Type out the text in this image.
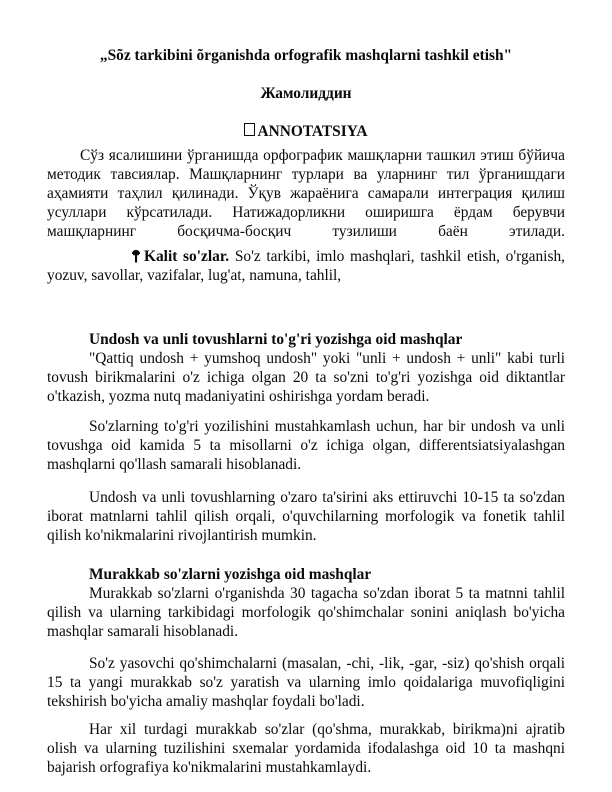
„Sõz tarkibini õrganishda orfografik mashqlarni tashkil etish"

Жамолиддин

ANNOTATSIYA

Сўз ясалишини ўрганишда орфографик машқларни ташкил этиш бўйича методик тавсиялар. Машқларнинг турлари ва уларнинг тил ўрганишдаги аҳамияти таҳлил қилинади. Ўқув жараёнига самарали интеграция қилиш усуллари кўрсатилади. Натижадорликни оширишга ёрдам берувчи машқларнинг босқичма-босқич тузилиши баён этилади.

Kalit so'zlar. So'z tarkibi, imlo mashqlari, tashkil etish, o'rganish, yozuv, savollar, vazifalar, lug'at, namuna, tahlil,

Undosh va unli tovushlarni to'g'ri yozishga oid mashqlar

"Qattiq undosh + yumshoq undosh" yoki "unli + undosh + unli" kabi turli tovush birikmalarini o'z ichiga olgan 20 ta so'zni to'g'ri yozishga oid diktantlar o'tkazish, yozma nutq madaniyatini oshirishga yordam beradi.

So'zlarning to'g'ri yozilishini mustahkamlash uchun, har bir undosh va unli tovushga oid kamida 5 ta misollarni o'z ichiga olgan, differentsiatsiyalashgan mashqlarni qo'llash samarali hisoblanadi.

Undosh va unli tovushlarning o'zaro ta'sirini aks ettiruvchi 10-15 ta so'zdan iborat matnlarni tahlil qilish orqali, o'quvchilarning morfologik va fonetik tahlil qilish ko'nikmalarini rivojlantirish mumkin.

Murakkab so'zlarni yozishga oid mashqlar

Murakkab so'zlarni o'rganishda 30 tagacha so'zdan iborat 5 ta matnni tahlil qilish va ularning tarkibidagi morfologik qo'shimchalar sonini aniqlash bo'yicha mashqlar samarali hisoblanadi.

So'z yasovchi qo'shimchalarni (masalan, -chi, -lik, -gar, -siz) qo'shish orqali 15 ta yangi murakkab so'z yaratish va ularning imlo qoidalariga muvofiqligini tekshirish bo'yicha amaliy mashqlar foydali bo'ladi.

Har xil turdagi murakkab so'zlar (qo'shma, murakkab, birikma)ni ajratib olish va ularning tuzilishini sxemalar yordamida ifodalashga oid 10 ta mashqni bajarish orfografiya ko'nikmalarini mustahkamlaydi.
